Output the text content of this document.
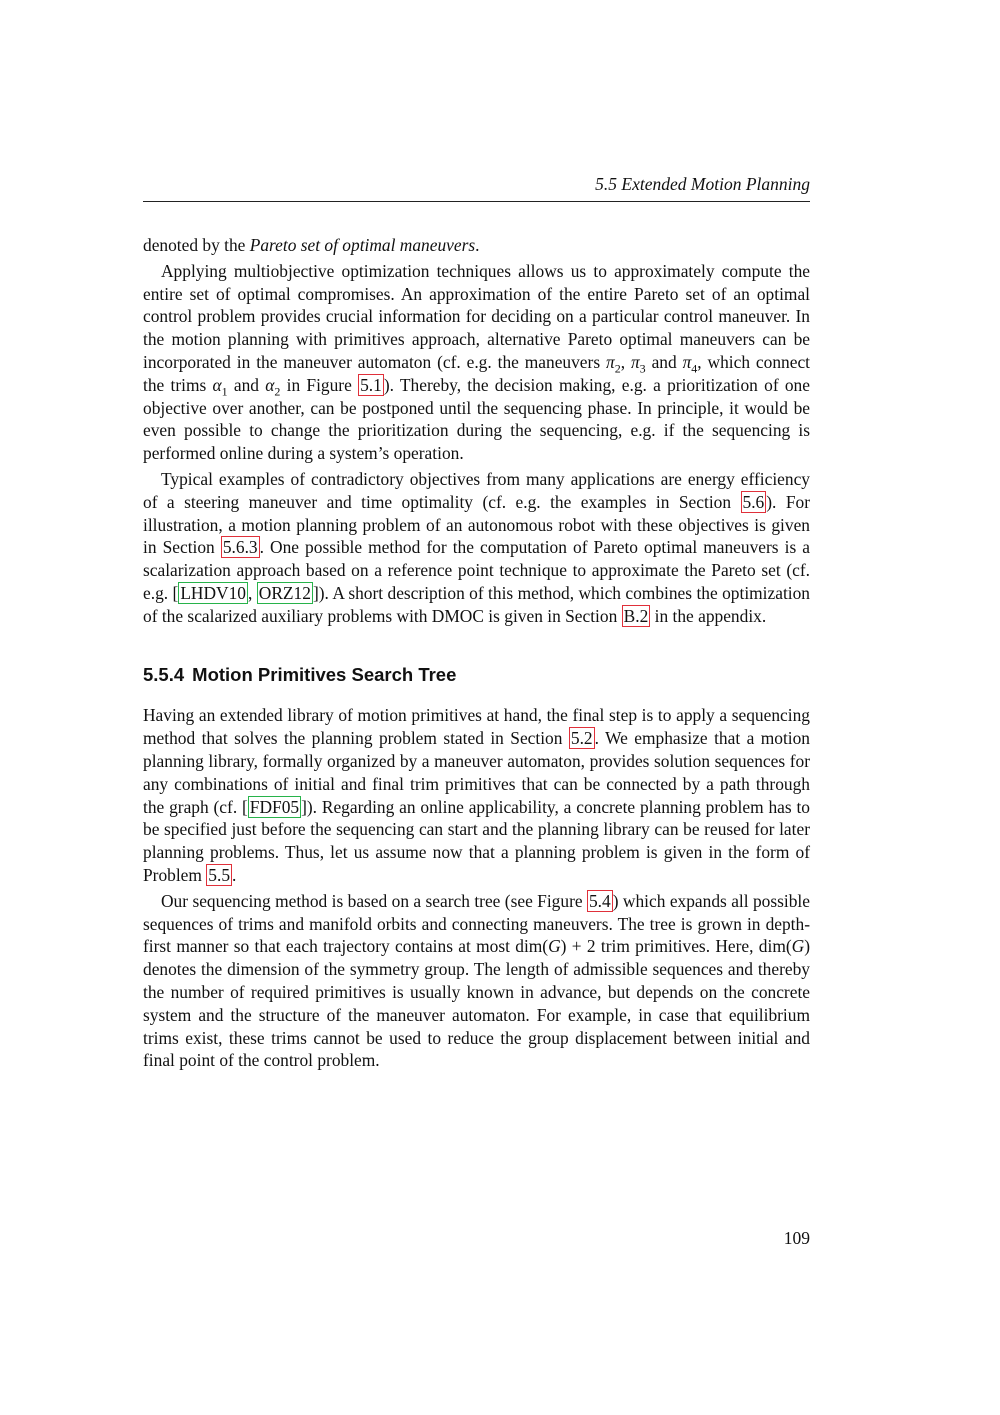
5.5 Extended Motion Planning

denoted by the Pareto set of optimal maneuvers.

Applying multiobjective optimization techniques allows us to approximately compute the entire set of optimal compromises. An approximation of the entire Pareto set of an optimal control problem provides crucial information for deciding on a particular control maneuver. In the motion planning with primitives approach, alternative Pareto optimal maneuvers can be incorporated in the maneuver automaton (cf. e.g. the maneuvers $\pi_2$, $\pi_3$ and $\pi_4$, which connect the trims $\alpha_1$ and $\alpha_2$ in Figure 5.1 ). Thereby, the decision making, e.g. a prioritization of one objective over another, can be postponed until the sequencing phase. In principle, it would be even possible to change the prioritization during the sequencing, e.g. if the sequencing is performed online during a system’s operation.

Typical examples of contradictory objectives from many applications are energy efficiency of a steering maneuver and time optimality (cf. e.g. the examples in Section 5.6 ). For illustration, a motion planning problem of an autonomous robot with these objectives is given in Section 5.6.3 . One possible method for the computation of Pareto optimal maneuvers is a scalarization approach based on a reference point technique to approximate the Pareto set (cf. e.g. [ LHDV10 , ORZ12 ]). A short description of this method, which combines the optimization of the scalarized auxiliary problems with DMOC is given in Section B.2 in the appendix.

5.5.4 Motion Primitives Search Tree

Having an extended library of motion primitives at hand, the final step is to apply a sequencing method that solves the planning problem stated in Section 5.2 . We emphasize that a motion planning library, formally organized by a maneuver automaton, provides solution sequences for any combinations of initial and final trim primitives that can be connected by a path through the graph (cf. [ FDF05 ]). Regarding an online applicability, a concrete planning problem has to be specified just before the sequencing can start and the planning library can be reused for later planning problems. Thus, let us assume now that a planning problem is given in the form of Problem 5.5 .

Our sequencing method is based on a search tree (see Figure 5.4 ) which expands all possible sequences of trims and manifold orbits and connecting maneuvers. The tree is grown in depth-first manner so that each trajectory contains at most dim(G) + 2 trim primitives. Here, dim(G) denotes the dimension of the symmetry group. The length of admissible sequences and thereby the number of required primitives is usually known in advance, but depends on the concrete system and the structure of the maneuver automaton. For example, in case that equilibrium trims exist, these trims cannot be used to reduce the group displacement between initial and final point of the control problem.

109
